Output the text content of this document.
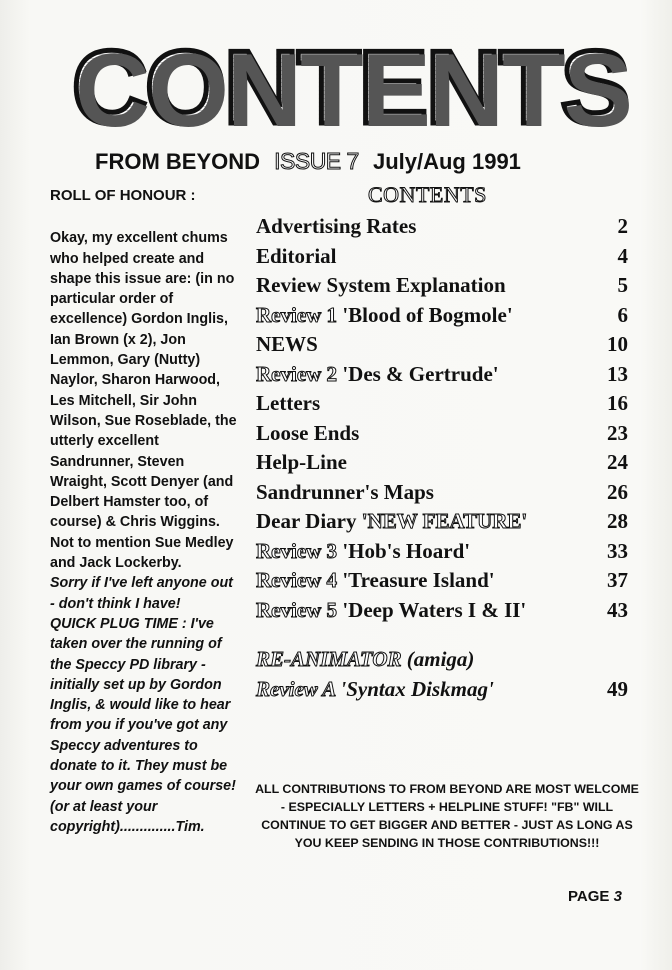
CONTENTS
FROM BEYOND ISSUE 7 July/Aug 1991
ROLL OF HONOUR :
Okay, my excellent chums who helped create and shape this issue are: (in no particular order of excellence) Gordon Inglis, Ian Brown (x 2), Jon Lemmon, Gary (Nutty) Naylor, Sharon Harwood, Les Mitchell, Sir John Wilson, Sue Roseblade, the utterly excellent Sandrunner, Steven Wraight, Scott Denyer (and Delbert Hamster too, of course) & Chris Wiggins. Not to mention Sue Medley and Jack Lockerby.
Sorry if I've left anyone out - don't think I have!
QUICK PLUG TIME : I've taken over the running of the Speccy PD library - initially set up by Gordon Inglis, & would like to hear from you if you've got any Speccy adventures to donate to it. They must be your own games of course! (or at least your copyright)..............Tim.
CONTENTS
Advertising Rates	2
Editorial	4
Review System Explanation	5
Review 1 'Blood of Bogmole'	6
NEWS	10
Review 2 'Des & Gertrude'	13
Letters	16
Loose Ends	23
Help-Line	24
Sandrunner's Maps	26
Dear Diary 'NEW FEATURE'	28
Review 3 'Hob's Hoard'	33
Review 4 'Treasure Island'	37
Review 5 'Deep Waters I & II'	43
RE-ANIMATOR (amiga)
Review A 'Syntax Diskmag'	49
ALL CONTRIBUTIONS TO FROM BEYOND ARE MOST WELCOME - ESPECIALLY LETTERS + HELPLINE STUFF! "FB" WILL CONTINUE TO GET BIGGER AND BETTER - JUST AS LONG AS YOU KEEP SENDING IN THOSE CONTRIBUTIONS!!!
PAGE 3
